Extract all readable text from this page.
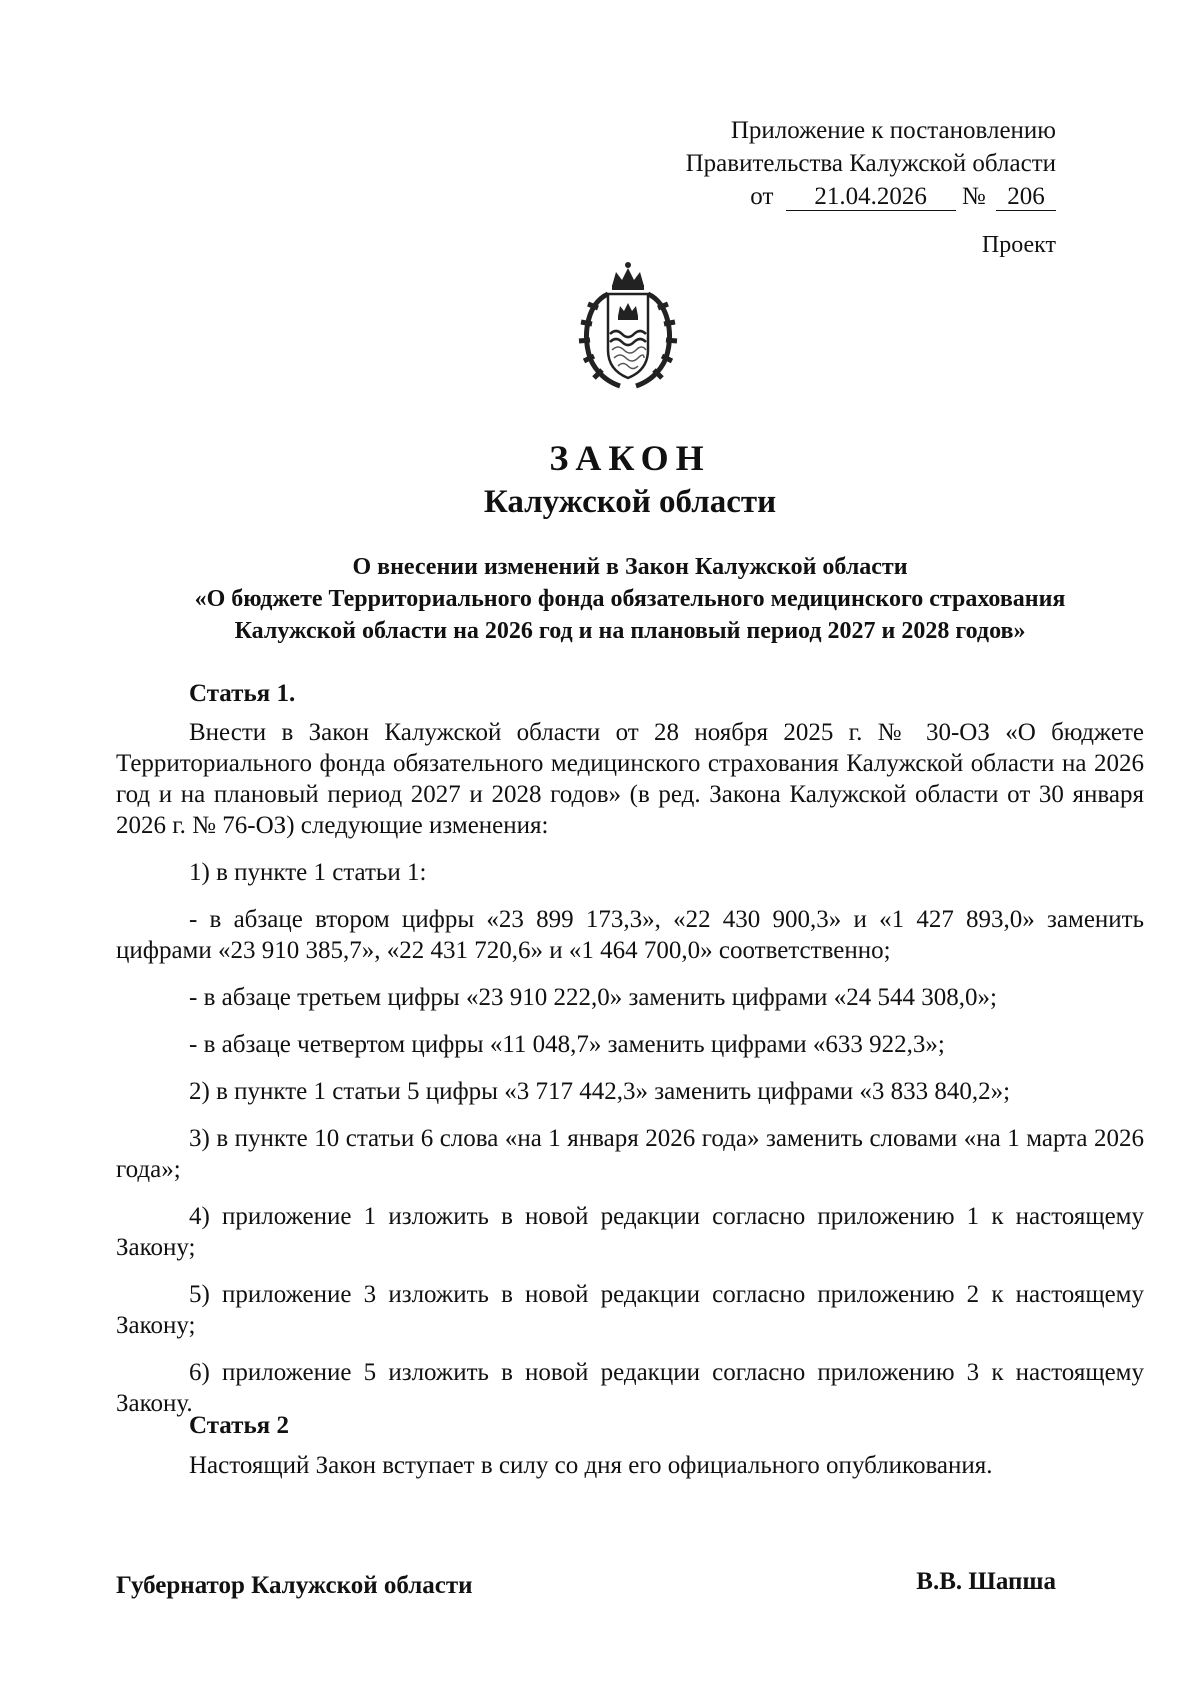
Приложение к постановлению
Правительства Калужской области
от 21.04.2026 № 206
Проект
ЗАКОН
Калужской области
О внесении изменений в Закон Калужской области
«О бюджете Территориального фонда обязательного медицинского страхования
Калужской области на 2026 год и на плановый период 2027 и 2028 годов»
Статья 1.

Внести в Закон Калужской области от 28 ноября 2025 г. № 30-ОЗ «О бюджете Территориального фонда обязательного медицинского страхования Калужской области на 2026 год и на плановый период 2027 и 2028 годов» (в ред. Закона Калужской области от 30 января 2026 г. № 76-ОЗ) следующие изменения:

1) в пункте 1 статьи 1:

- в абзаце втором цифры «23 899 173,3», «22 430 900,3» и «1 427 893,0» заменить цифрами «23 910 385,7», «22 431 720,6» и «1 464 700,0» соответственно;

- в абзаце третьем цифры «23 910 222,0» заменить цифрами «24 544 308,0»;

- в абзаце четвертом цифры «11 048,7» заменить цифрами «633 922,3»;

2) в пункте 1 статьи 5 цифры «3 717 442,3» заменить цифрами «3 833 840,2»;

3) в пункте 10 статьи 6 слова «на 1 января 2026 года» заменить словами «на 1 марта 2026 года»;

4) приложение 1 изложить в новой редакции согласно приложению 1 к настоящему Закону;

5) приложение 3 изложить в новой редакции согласно приложению 2 к настоящему Закону;

6) приложение 5 изложить в новой редакции согласно приложению 3 к настоящему Закону.

Статья 2

Настоящий Закон вступает в силу со дня его официального опубликования.

Губернатор Калужской области	В.В. Шапша
